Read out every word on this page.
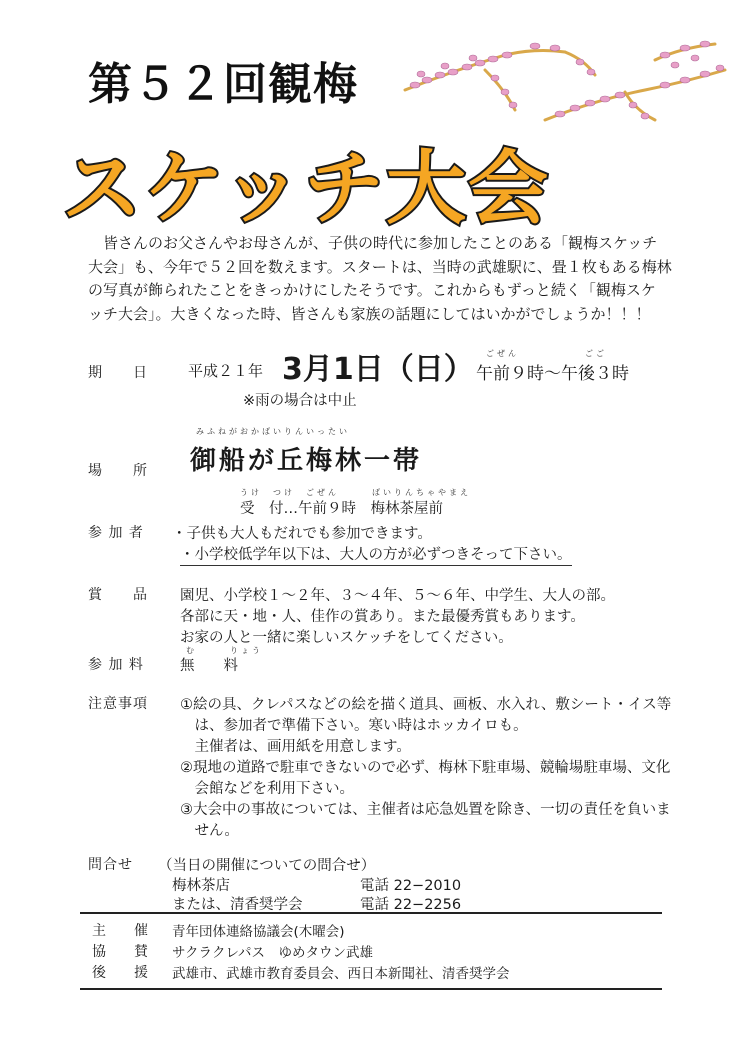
第５２回観梅
スケッチ大会
　皆さんのお父さんやお母さんが、子供の時代に参加したことのある「観梅スケッチ
大会」も、今年で５２回を数えます。スタートは、当時の武雄駅に、畳１枚もある梅林
の写真が飾られたことをきっかけにしたそうです。これからもずっと続く「観梅スケ
ッチ大会」。大きくなった時、皆さんも家族の話題にしてはいかがでしょうか！！！
期　　日	平成２１年 3月1日（日） ごぜん　　　　　　ごご
午前９時〜午後３時
※雨の場合は中止
みふねがおかばいりんいったい
場　　所 御船が丘梅林一帯
うけ　つけ　ごぜん　　　ばいりんちゃやまえ
受　付…午前９時　梅林茶屋前
参 加 者 ・子供も大人もだれでも参加できます。
・小学校低学年以下は、大人の方が必ずつきそって下さい。
賞　　品 園児、小学校１〜２年、３〜４年、５〜６年、中学生、大人の部。
各部に天・地・人、佳作の賞あり。また最優秀賞もあります。
お家の人と一緒に楽しいスケッチをしてください。
む　　　りょう
参 加 料 無　　料
注意事項 ①絵の具、クレパスなどの絵を描く道具、画板、水入れ、敷シート・イス等
　は、参加者で準備下さい。寒い時はホッカイロも。
　主催者は、画用紙を用意します。
②現地の道路で駐車できないので必ず、梅林下駐車場、競輪場駐車場、文化
　会館などを利用下さい。
③大会中の事故については、主催者は応急処置を除き、一切の責任を負いま
　せん。
問合せ （当日の開催についての問合せ）
梅林茶店	電話 22−2010
または、清香奨学会	電話 22−2256
主　　催 青年団体連絡協議会(木曜会)
協　　賛 サクラクレパス　ゆめタウン武雄
後　　援 武雄市、武雄市教育委員会、西日本新聞社、清香奨学会
